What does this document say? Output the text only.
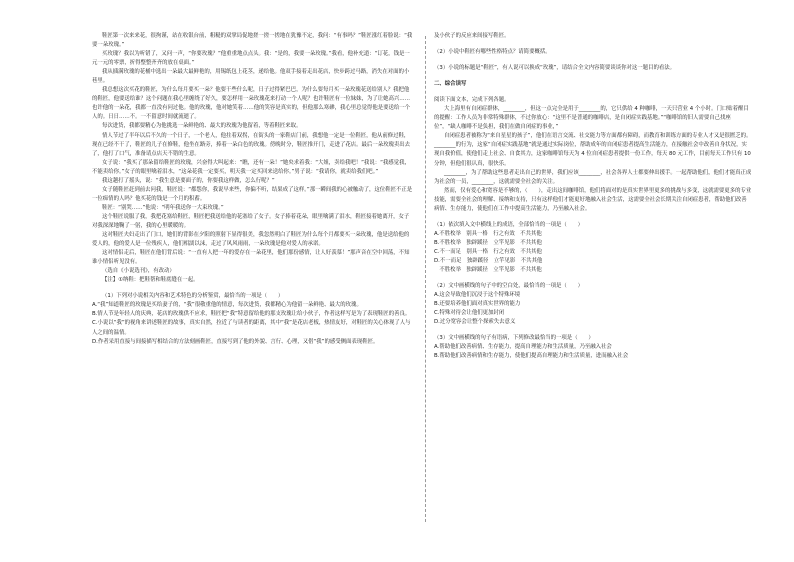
鞋匠第一次来来花，很拘谨，站在收银台前，粗糙的双掌局促地搓一搓一搓地在犹豫不定，我问：“有事吗？”鞋匠涨红着脸说：“我要一朵玫瑰。”
买玫瑰？我以为听错了，又问一声，“你要玫瑰？”他重重地点点头。我：“是的，我要一朵玫瑰。”我看，他补充道：“订花，钱是一元一元的零票，折得整整齐齐的放在桌面。”
我从插满玫瑰的花桶中选出一朵最大最鲜艳的，用锡纸包上花茎，递给他。他双手接着走出花店，快步跨过马路，消失在对面的小巷里。
我总想这次买花的鞋匠，为什么每月要买一朵？他要干些什么呢，日子过得紧巴巴，为什么要每月买一朵玫瑰花送给别人？我把他的鞋匠，他要送给谁？这个问题在我心里缠绕了好久，要怎样用一朵玫瑰花来打动一个人呢？也许鞋匠有一位妹妹，为了让她高兴……也许他的一朵花，我都一直没有问过他。他的玫瑰，他对她笑着……他的笑容是真实的，但他那么寒碜，我心里总觉得他是要送给一个人的。日日……不。一不留意时间就流逝了。
每次进货，我都要精心为他挑选一朵鲜艳的、最大的玫瑰为他留着，等着鞋匠来取。
情人节过了半年以后不久的一个日子，一个老人，他拄着双拐，在街头的一家鞋店门前，我想他一定是一位鞋匠，他从前修过鞋，现在已经不干了，鞋匠的儿子在修鞋，他坐在路旁，捧着一朵白色的玫瑰。傍晚时分，鞋匠推开门，走进了花店。最后一朵玫瑰卖出去了，他打了口气，准备请点店天不错的生意。
女子说：“我买了那朵留给鞋匠的玫瑰，兴奋得大叫起来：“瞧，还有一朵！”她央求着我：“大姐，卖给我吧！”我说：“我感觉我，不能卖给你。”女子的眼里噙着泪水，“这朵花我一定要买，明天我一定买回来送给你。”男子说：“我请你，就卖给我们吧。”
我这趟打了摇头，说：“我生意是要面子的，你要我这样做，怎么行呢？”
女子随鞋匠赶到前去问我，鞋匠说：“都怨你，我说早来些，你偏不听，结果成了这样。”那一瞬间我的心被触动了，这位鞋匠不正是一位痴情的人吗？他买花的钱是一个月的积蓄。
鞋匠：“别哭……”他说：“明年我送你一大束玫瑰。”
这个鞋匠说服了我，我把花塞给鞋匠，鞋匠把我送给他的花塞给了女子。女子捧着花朵，眼里噙满了泪水，鞋匠接着她离开，女子对我深深地鞠了一躬，我的心里暖暖的。
这对鞋匠夫妇走出了门口，她们的背影在夕阳的照射下显得很美，我忽然明白了鞋匠为什么每个月都要买一朵玫瑰，他是送给他的爱人的，他的爱人是一位残疾人，他们相濡以沫，走过了风风雨雨，一朵玫瑰是他对爱人的承诺。
这对情侣走后，鞋匠在他们背后说：“一直有人把一年的爱存在一朵花里，他们那份感情，让人好羡慕！”那声音在空中回荡，不知谁小情侣听见没有。
（选自《小说选刊》，有改动）
【注】①纳鞋：把鞋帮和鞋底缝在一起。
（1）下列对小说相关内容和艺术特色的分析鉴赏，最恰当的一项是（　　）
A.“我”知道鞋匠的玫瑰是买给妻子的，“我”很敬重他的情意，每次进货，我都精心为他留一朵鲜艳、最大的玫瑰。
B.情人节是年轻人的庆典，花店的玫瑰供不应求，鞋匠把“我”特意留给他的那支玫瑰让给小伙子，作者这样写是为了表现鞋匠的善良。
C.小说以“我”的视角来讲述鞋匠的故事，真实自然，拉近了与读者的距离，其中“我”是花店老板，热情友好，对鞋匠的关心体现了人与人之间的温情。
D.作者采用直接与间接描写相结合的方法刻画鞋匠，直接写到了他的外貌、言行、心理，又借“我”的感受侧面表现鞋匠。
及小伙子的反应来间接写鞋匠。
（2）小说中鞋匠有哪些性格特点？请简要概括。
（3）小说的标题是“鞋匠”，有人说可以换成“玫瑰”，请结合全文内容简要谈谈你对这一题目的看法。
二、综合读写
阅读下面文本，完成下列各题。
大上海里有自闭症群体，________，但这一点完全是用于________的，它只供给 4 种咖啡，一天只营业 4 个小时。门口贴着醒目的提醒：工作人员为非常特殊群体，不过你放心：“这里不是普通的咖啡店，是自闭症实践基地。”“咖啡馆的旧人需要自己找座位”，“缺人咖啡不是负担，我们在做自闭症的事业，”
自闭症患者被称为“来自星星的孩子”，他们在语言交流、社交能力等方面都有障碍，而教育和训练方面的专业人才又是很匮乏的。________的行为，这家“自闭症实践基地”就是通过实际岗位，帮助成年的自闭症患者提高生活能力，在接触社会中改善自身状况，实现自我价值，使他们走上社会、自食其力，这家咖啡馆每天为 4 位自闭症患者提供一份工作，每天 80 元工作，目前每天工作只有 10 分钟，但他们很认真，很快乐。
________，为了帮助这些患者走出自己的世界，我们应该________，社会各界人士都要伸出援手。一起帮助他们，他们才能真正成为社会的一员，________，这就需要全社会的关注。
然而，仅有爱心和宽容是不够的，（　　），走出这间咖啡馆，他们将面对的是真实世界里更多的挑战与多变，这就需要更多的专业技能，需要全社会的理解、接纳和支持，只有这样他们才能更好地融入社会生活，这需要全社会长期关注自闭症患者，帮助他们改善病情、生存能力，使他们在工作中提高生活能力，乃至融入社会。
（1）依次填入文中横线上的成语，全部恰当的一项是（　　）
A.不胜枚举　别具一格　行之有效　不共其他
B.不胜枚举　独辟蹊径　立竿见影　不共其他
C.不一而足　别具一格　行之有效　不共其他
D.不一而足　独辟蹊径　立竿见影　不共其他
　不胜枚举　独辟蹊径　立竿见影　不共其他
（2）文中画横线的句子中的空白处，最恰当的一项是（　　）
A.这会导致他们沉浸于这个特殊环境
B.还要培养他们面对真实世界的能力
C.特殊对待会让他们更加封闭
D.过分宽容会让整个探索失去意义
（3）文中画横线的句子有语病，下列修改最恰当的一项是（　　）
A.帮助他们改善病情、生存能力，提高自理能力和生活质量，乃至融入社会
B.帮助他们改善病情和生存能力，使他们提高自理能力和生活质量，进而融入社会
